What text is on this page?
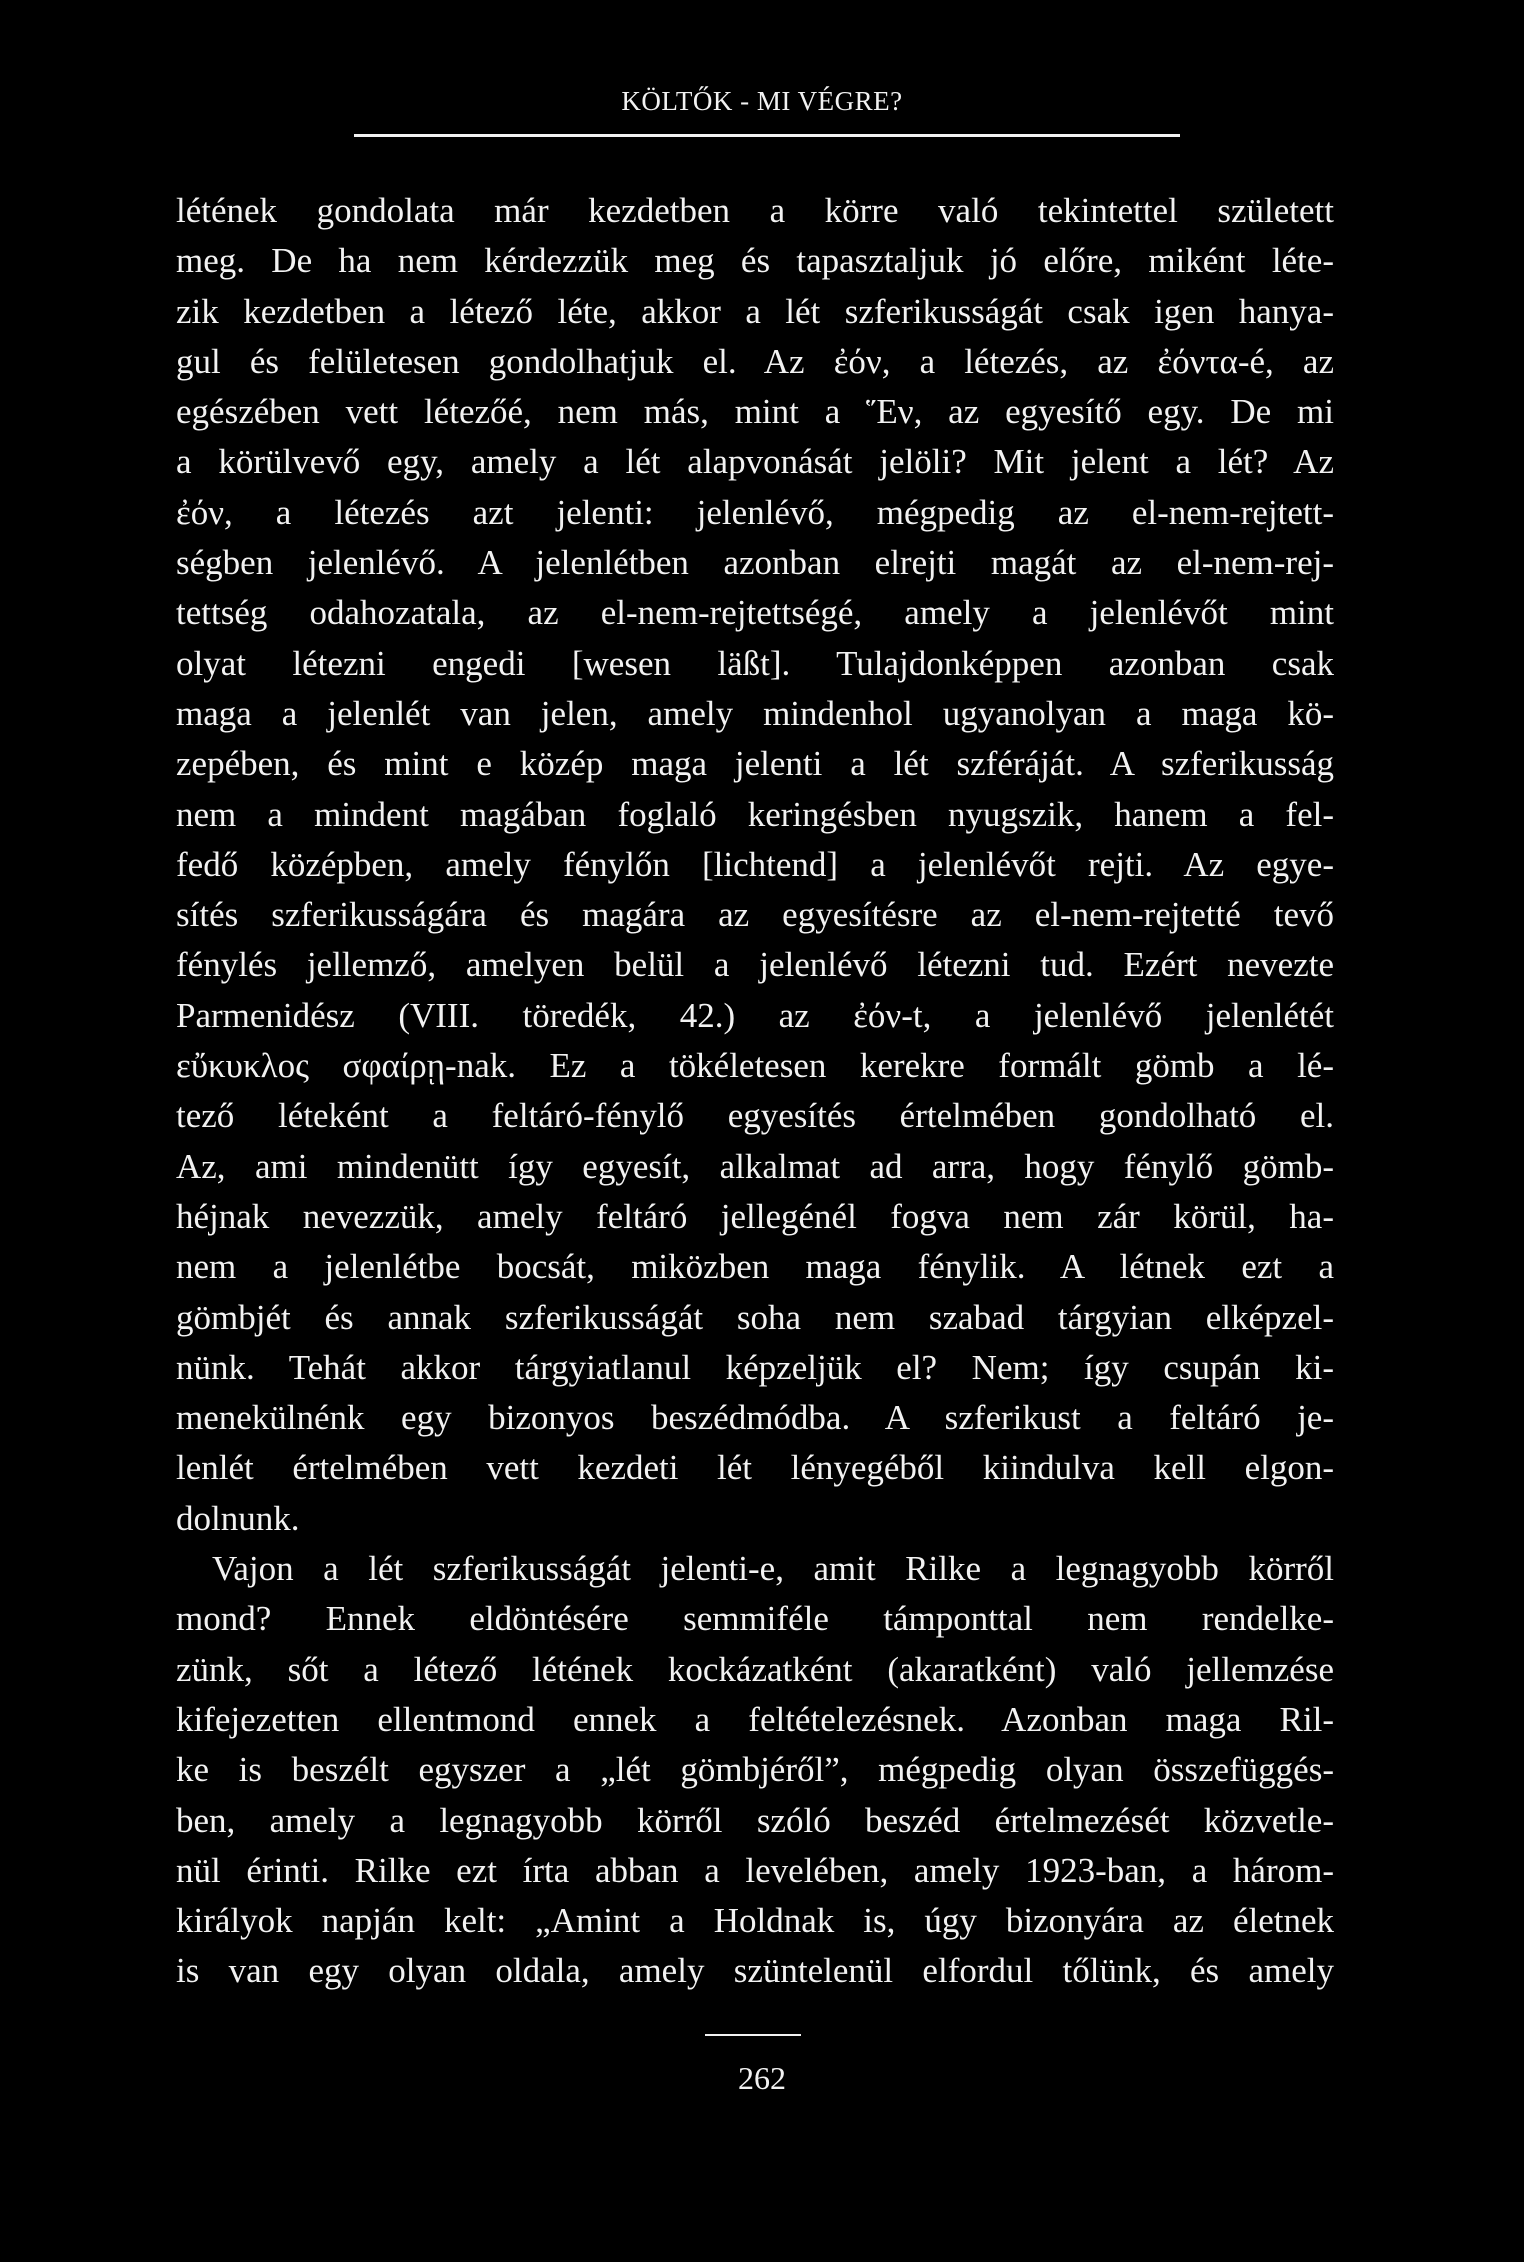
KÖLTŐK - MI VÉGRE?
létének gondolata már kezdetben a körre való tekintettel született
meg. De ha nem kérdezzük meg és tapasztaljuk jó előre, miként léte-
zik kezdetben a létező léte, akkor a lét szferikusságát csak igen hanya-
gul és felületesen gondolhatjuk el. Az ἐόν, a létezés, az ἐόντα-é, az
egészében vett létezőé, nem más, mint a Ἕν, az egyesítő egy. De mi
a körülvevő egy, amely a lét alapvonását jelöli? Mit jelent a lét? Az
ἐόν, a létezés azt jelenti: jelenlévő, mégpedig az el-nem-rejtett-
ségben jelenlévő. A jelenlétben azonban elrejti magát az el-nem-rej-
tettség odahozatala, az el-nem-rejtettségé, amely a jelenlévőt mint
olyat létezni engedi [wesen läßt]. Tulajdonképpen azonban csak
maga a jelenlét van jelen, amely mindenhol ugyanolyan a maga kö-
zepében, és mint e közép maga jelenti a lét szféráját. A szferikusság
nem a mindent magában foglaló keringésben nyugszik, hanem a fel-
fedő középben, amely fénylőn [lichtend] a jelenlévőt rejti. Az egye-
sítés szferikusságára és magára az egyesítésre az el-nem-rejtetté tevő
fénylés jellemző, amelyen belül a jelenlévő létezni tud. Ezért nevezte
Parmenidész (VIII. töredék, 42.) az ἐόν-t, a jelenlévő jelenlétét
εὔκυκλος σφαίρῃ-nak. Ez a tökéletesen kerekre formált gömb a lé-
tező léteként a feltáró-fénylő egyesítés értelmében gondolható el.
Az, ami mindenütt így egyesít, alkalmat ad arra, hogy fénylő gömb-
héjnak nevezzük, amely feltáró jellegénél fogva nem zár körül, ha-
nem a jelenlétbe bocsát, miközben maga fénylik. A létnek ezt a
gömbjét és annak szferikusságát soha nem szabad tárgyian elképzel-
nünk. Tehát akkor tárgyiatlanul képzeljük el? Nem; így csupán ki-
menekülnénk egy bizonyos beszédmódba. A szferikust a feltáró je-
lenlét értelmében vett kezdeti lét lényegéből kiindulva kell elgon-
dolnunk.
Vajon a lét szferikusságát jelenti-e, amit Rilke a legnagyobb körről
mond? Ennek eldöntésére semmiféle támponttal nem rendelke-
zünk, sőt a létező létének kockázatként (akaratként) való jellemzése
kifejezetten ellentmond ennek a feltételezésnek. Azonban maga Ril-
ke is beszélt egyszer a „lét gömbjéről”, mégpedig olyan összefüggés-
ben, amely a legnagyobb körről szóló beszéd értelmezését közvetle-
nül érinti. Rilke ezt írta abban a levelében, amely 1923-ban, a három-
királyok napján kelt: „Amint a Holdnak is, úgy bizonyára az életnek
is van egy olyan oldala, amely szüntelenül elfordul tőlünk, és amely
262
